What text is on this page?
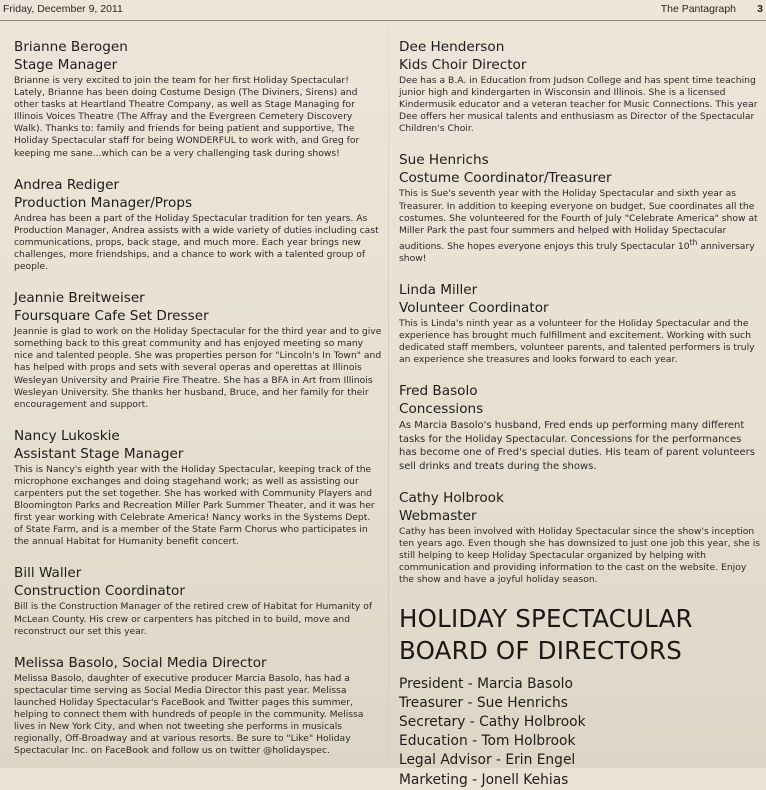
Friday, December 9, 2011	The Pantagraph 3
Brianne Berogen
Stage Manager

Brianne is very excited to join the team for her first Holiday Spectacular! Lately, Brianne has been doing Costume Design (The Diviners, Sirens) and other tasks at Heartland Theatre Company, as well as Stage Managing for Illinois Voices Theatre (The Affray and the Evergreen Cemetery Discovery Walk). Thanks to: family and friends for being patient and supportive, The Holiday Spectacular staff for being WONDERFUL to work with, and Greg for keeping me sane...which can be a very challenging task during shows!

Andrea Rediger
Production Manager/Props

Andrea has been a part of the Holiday Spectacular tradition for ten years. As Production Manager, Andrea assists with a wide variety of duties including cast communications, props, back stage, and much more. Each year brings new challenges, more friendships, and a chance to work with a talented group of people.

Jeannie Breitweiser
Foursquare Cafe Set Dresser

Jeannie is glad to work on the Holiday Spectacular for the third year and to give something back to this great community and has enjoyed meeting so many nice and talented people. She was properties person for "Lincoln's In Town" and has helped with props and sets with several operas and operettas at Illinois Wesleyan University and Prairie Fire Theatre. She has a BFA in Art from Illinois Wesleyan University. She thanks her husband, Bruce, and her family for their encouragement and support.

Nancy Lukoskie
Assistant Stage Manager

This is Nancy's eighth year with the Holiday Spectacular, keeping track of the microphone exchanges and doing stagehand work; as well as assisting our carpenters put the set together. She has worked with Community Players and Bloomington Parks and Recreation Miller Park Summer Theater, and it was her first year working with Celebrate America! Nancy works in the Systems Dept. of State Farm, and is a member of the State Farm Chorus who participates in the annual Habitat for Humanity benefit concert.

Bill Waller
Construction Coordinator

Bill is the Construction Manager of the retired crew of Habitat for Humanity of McLean County. His crew or carpenters has pitched in to build, move and reconstruct our set this year.

Melissa Basolo, Social Media Director

Melissa Basolo, daughter of executive producer Marcia Basolo, has had a spectacular time serving as Social Media Director this past year. Melissa launched Holiday Spectacular's FaceBook and Twitter pages this summer, helping to connect them with hundreds of people in the community. Melissa lives in New York City, and when not tweeting she performs in musicals regionally, Off-Broadway and at various resorts. Be sure to "Like" Holiday Spectacular Inc. on FaceBook and follow us on twitter @holidayspec.

Dee Henderson
Kids Choir Director

Dee has a B.A. in Education from Judson College and has spent time teaching junior high and kindergarten in Wisconsin and Illinois. She is a licensed Kindermusik educator and a veteran teacher for Music Connections. This year Dee offers her musical talents and enthusiasm as Director of the Spectacular Children's Choir.

Sue Henrichs
Costume Coordinator/Treasurer

This is Sue's seventh year with the Holiday Spectacular and sixth year as Treasurer. In addition to keeping everyone on budget, Sue coordinates all the costumes. She volunteered for the Fourth of July "Celebrate America" show at Miller Park the past four summers and helped with Holiday Spectacular auditions. She hopes everyone enjoys this truly Spectacular 10th anniversary show!

Linda Miller
Volunteer Coordinator

This is Linda's ninth year as a volunteer for the Holiday Spectacular and the experience has brought much fulfillment and excitement. Working with such dedicated staff members, volunteer parents, and talented performers is truly an experience she treasures and looks forward to each year.

Fred Basolo
Concessions

As Marcia Basolo's husband, Fred ends up performing many different tasks for the Holiday Spectacular. Concessions for the performances has become one of Fred's special duties. His team of parent volunteers sell drinks and treats during the shows.

Cathy Holbrook
Webmaster

Cathy has been involved with Holiday Spectacular since the show's inception ten years ago. Even though she has downsized to just one job this year, she is still helping to keep Holiday Spectacular organized by helping with communication and providing information to the cast on the website. Enjoy the show and have a joyful holiday season.

HOLIDAY SPECTACULAR
BOARD OF DIRECTORS
President - Marcia Basolo
Treasurer - Sue Henrichs
Secretary - Cathy Holbrook
Education - Tom Holbrook
Legal Advisor - Erin Engel
Marketing - Jonell Kehias
